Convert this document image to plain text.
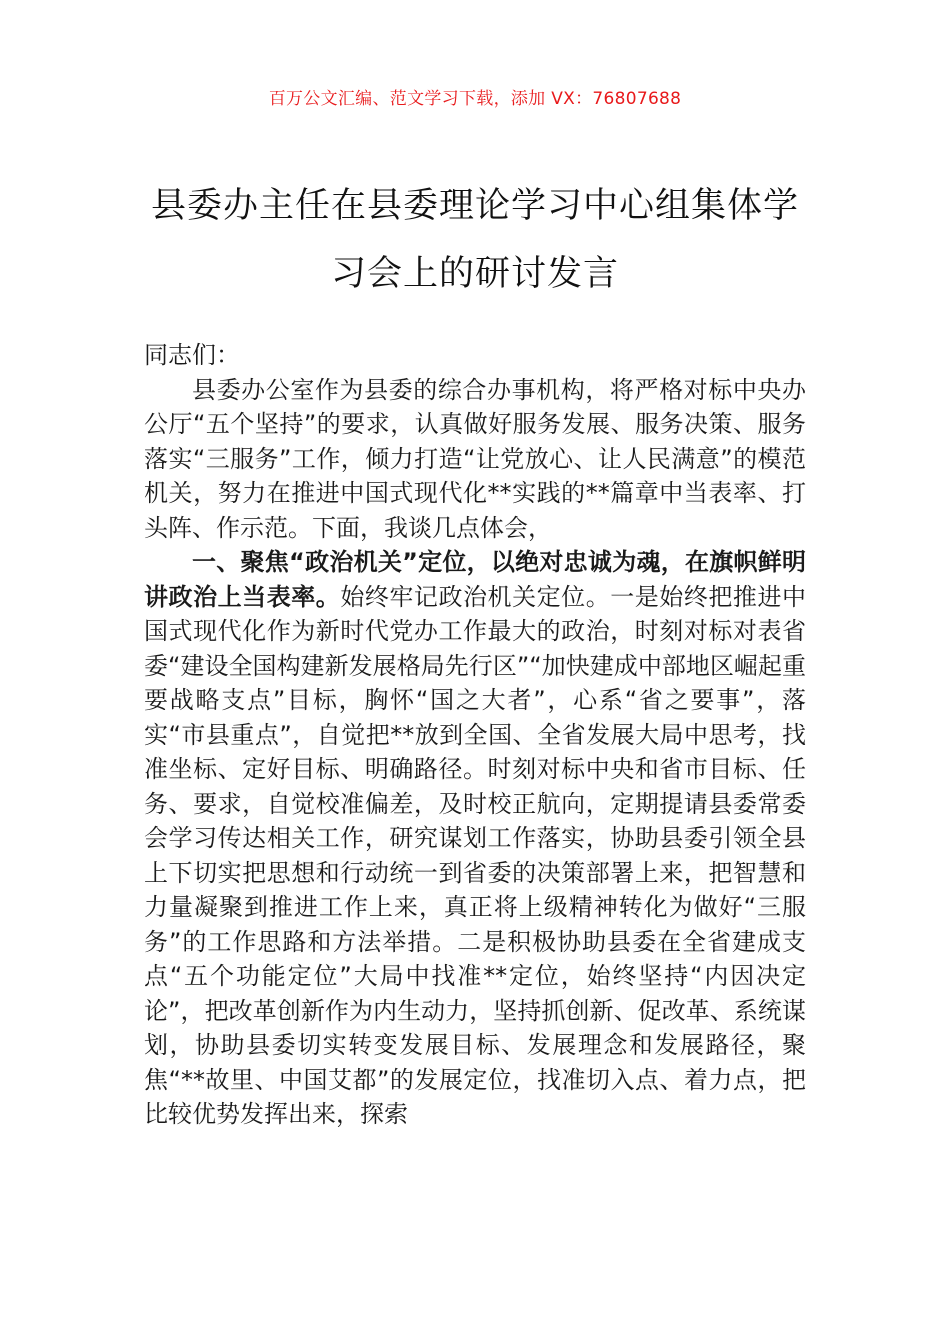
百万公文汇编、范文学习下载，添加 VX：76807688
县委办主任在县委理论学习中心组集体学习会上的研讨发言

同志们：

县委办公室作为县委的综合办事机构，将严格对标中央办公厅“五个坚持”的要求，认真做好服务发展、服务决策、服务落实“三服务”工作，倾力打造“让党放心、让人民满意”的模范机关，努力在推进中国式现代化**实践的**篇章中当表率、打头阵、作示范。下面，我谈几点体会，

一、聚焦“政治机关”定位，以绝对忠诚为魂，在旗帜鲜明讲政治上当表率。始终牢记政治机关定位。一是始终把推进中国式现代化作为新时代党办工作最大的政治，时刻对标对表省委“建设全国构建新发展格局先行区”“加快建成中部地区崛起重要战略支点”目标，胸怀“国之大者”，心系“省之要事”，落实“市县重点”，自觉把**放到全国、全省发展大局中思考，找准坐标、定好目标、明确路径。时刻对标中央和省市目标、任务、要求，自觉校准偏差，及时校正航向，定期提请县委常委会学习传达相关工作，研究谋划工作落实，协助县委引领全县上下切实把思想和行动统一到省委的决策部署上来，把智慧和力量凝聚到推进工作上来，真正将上级精神转化为做好“三服务”的工作思路和方法举措。二是积极协助县委在全省建成支点“五个功能定位”大局中找准**定位，始终坚持“内因决定论”，把改革创新作为内生动力，坚持抓创新、促改革、系统谋划，协助县委切实转变发展目标、发展理念和发展路径，聚焦“**故里、中国艾都”的发展定位，找准切入点、着力点，把比较优势发挥出来，探索
